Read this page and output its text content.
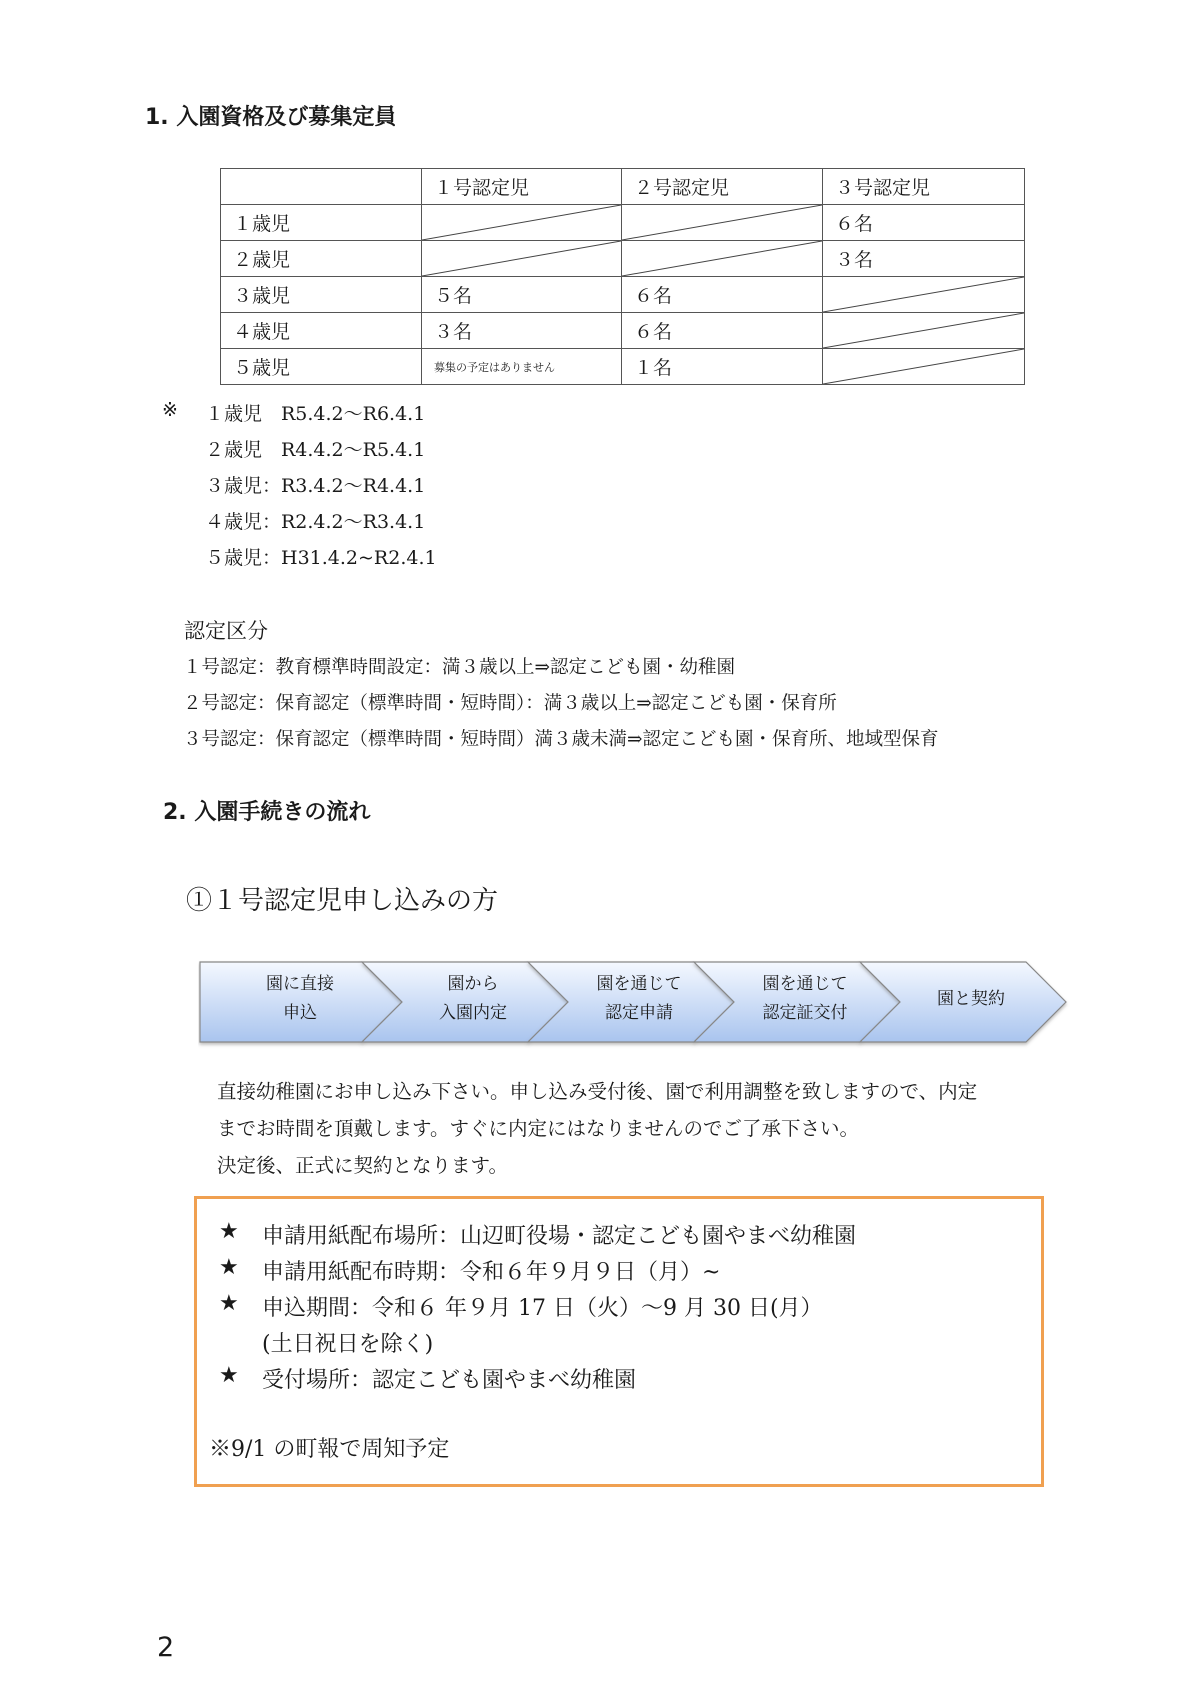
1. 入園資格及び募集定員
	１号認定児	２号認定児	３号認定児
１歳児			６名
２歳児			３名
３歳児	５名	６名	

４歳児	３名	６名	

５歳児	募集の予定はありません	１名	
※ １歳児　R5.4.2～R6.4.1
２歳児　R4.4.2～R5.4.1
３歳児：R3.4.2～R4.4.1
４歳児：R2.4.2～R3.4.1
５歳児：H31.4.2~R2.4.1
認定区分
１号認定：教育標準時間設定：満３歳以上⇒認定こども園・幼稚園
２号認定：保育認定（標準時間・短時間）：満３歳以上⇒認定こども園・保育所
３号認定：保育認定（標準時間・短時間）満３歳未満⇒認定こども園・保育所、地域型保育
2. 入園手続きの流れ
①１号認定児申し込みの方
園に直接
申込
園から
入園内定
園を通じて
認定申請
園を通じて
認定証交付
園と契約
直接幼稚園にお申し込み下さい。申し込み受付後、園で利用調整を致しますので、内定
までお時間を頂戴します。すぐに内定にはなりませんのでご了承下さい。
決定後、正式に契約となります。
★ 申請用紙配布場所：山辺町役場・認定こども園やまべ幼稚園
★ 申請用紙配布時期：令和６年９月９日（月）~
★ 申込期間：令和６ 年９月 17 日（火）～9 月 30 日(月）
(土日祝日を除く)
★ 受付場所：認定こども園やまべ幼稚園
※9/1 の町報で周知予定
2
